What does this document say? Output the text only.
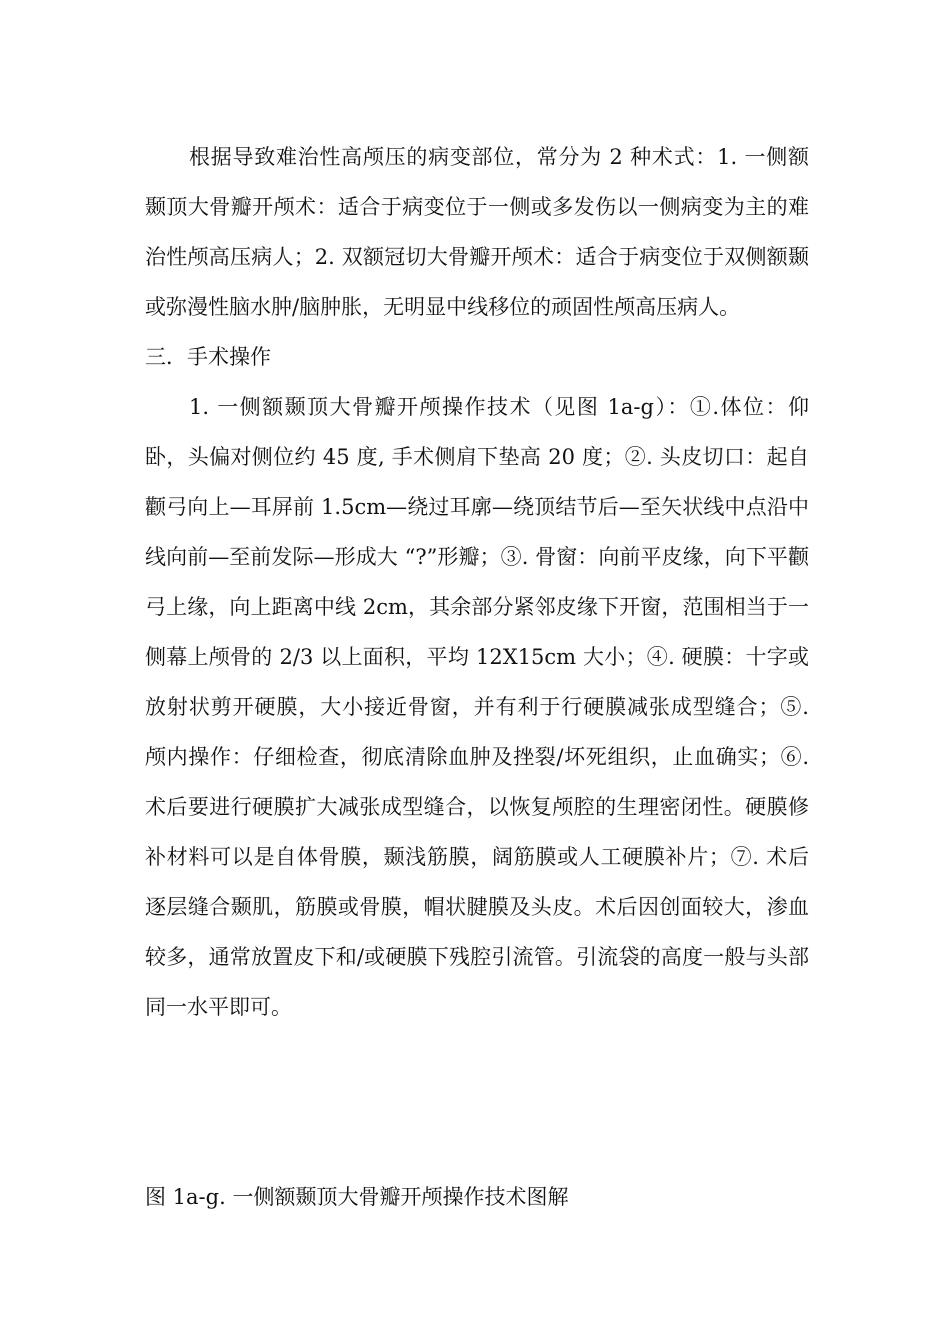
根据导致难治性高颅压的病变部位，常分为 2 种术式：1. 一侧额颞顶大骨瓣开颅术：适合于病变位于一侧或多发伤以一侧病变为主的难治性颅高压病人；2. 双额冠切大骨瓣开颅术：适合于病变位于双侧额颞或弥漫性脑水肿/脑肿胀，无明显中线移位的顽固性颅高压病人。

三．手术操作

1. 一侧额颞顶大骨瓣开颅操作技术（见图 1a-g）：①.体位：仰卧，头偏对侧位约 45 度, 手术侧肩下垫高 20 度；②. 头皮切口：起自颧弓向上—耳屏前 1.5cm—绕过耳廓—绕顶结节后—至矢状线中点沿中线向前—至前发际—形成大 “?”形瓣；③. 骨窗：向前平皮缘，向下平颧弓上缘，向上距离中线 2cm，其余部分紧邻皮缘下开窗，范围相当于一侧幕上颅骨的 2/3 以上面积，平均 12X15cm 大小；④. 硬膜：十字或放射状剪开硬膜，大小接近骨窗，并有利于行硬膜减张成型缝合；⑤. 颅内操作：仔细检查，彻底清除血肿及挫裂/坏死组织，止血确实；⑥. 术后要进行硬膜扩大减张成型缝合，以恢复颅腔的生理密闭性。硬膜修补材料可以是自体骨膜，颞浅筋膜，阔筋膜或人工硬膜补片；⑦. 术后逐层缝合颞肌，筋膜或骨膜，帽状腱膜及头皮。术后因创面较大，渗血较多，通常放置皮下和/或硬膜下残腔引流管。引流袋的高度一般与头部同一水平即可。

图 1a-g. 一侧额颞顶大骨瓣开颅操作技术图解
